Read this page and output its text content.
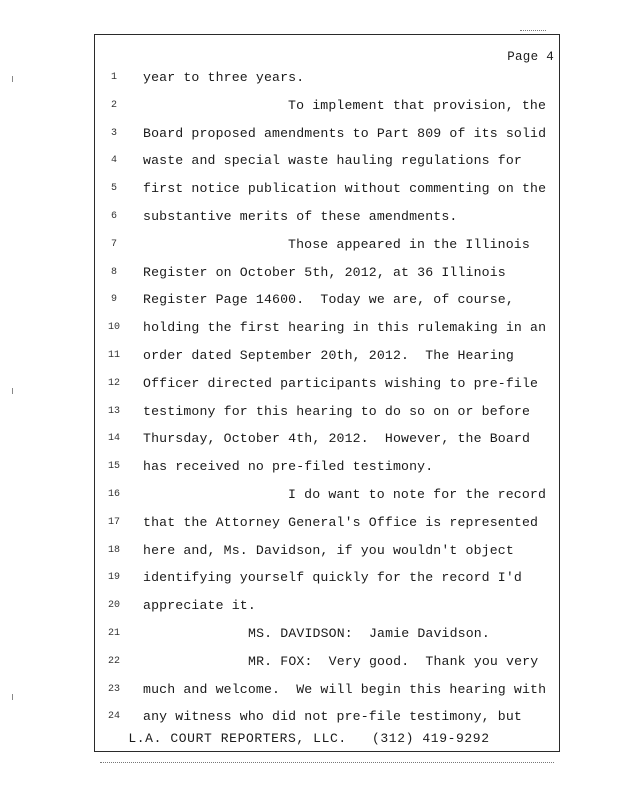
Page 4
1	year to three years.
2	To implement that provision, the
3	Board proposed amendments to Part 809 of its solid
4	waste and special waste hauling regulations for
5	first notice publication without commenting on the
6	substantive merits of these amendments.
7	Those appeared in the Illinois
8	Register on October 5th, 2012, at 36 Illinois
9	Register Page 14600.  Today we are, of course,
10	holding the first hearing in this rulemaking in an
11	order dated September 20th, 2012.  The Hearing
12	Officer directed participants wishing to pre-file
13	testimony for this hearing to do so on or before
14	Thursday, October 4th, 2012.  However, the Board
15	has received no pre-filed testimony.
16	I do want to note for the record
17	that the Attorney General's Office is represented
18	here and, Ms. Davidson, if you wouldn't object
19	identifying yourself quickly for the record I'd
20	appreciate it.
21	MS. DAVIDSON:  Jamie Davidson.
22	MR. FOX:  Very good.  Thank you very
23	much and welcome.  We will begin this hearing with
24	any witness who did not pre-file testimony, but
L.A. COURT REPORTERS, LLC.   (312) 419-9292
